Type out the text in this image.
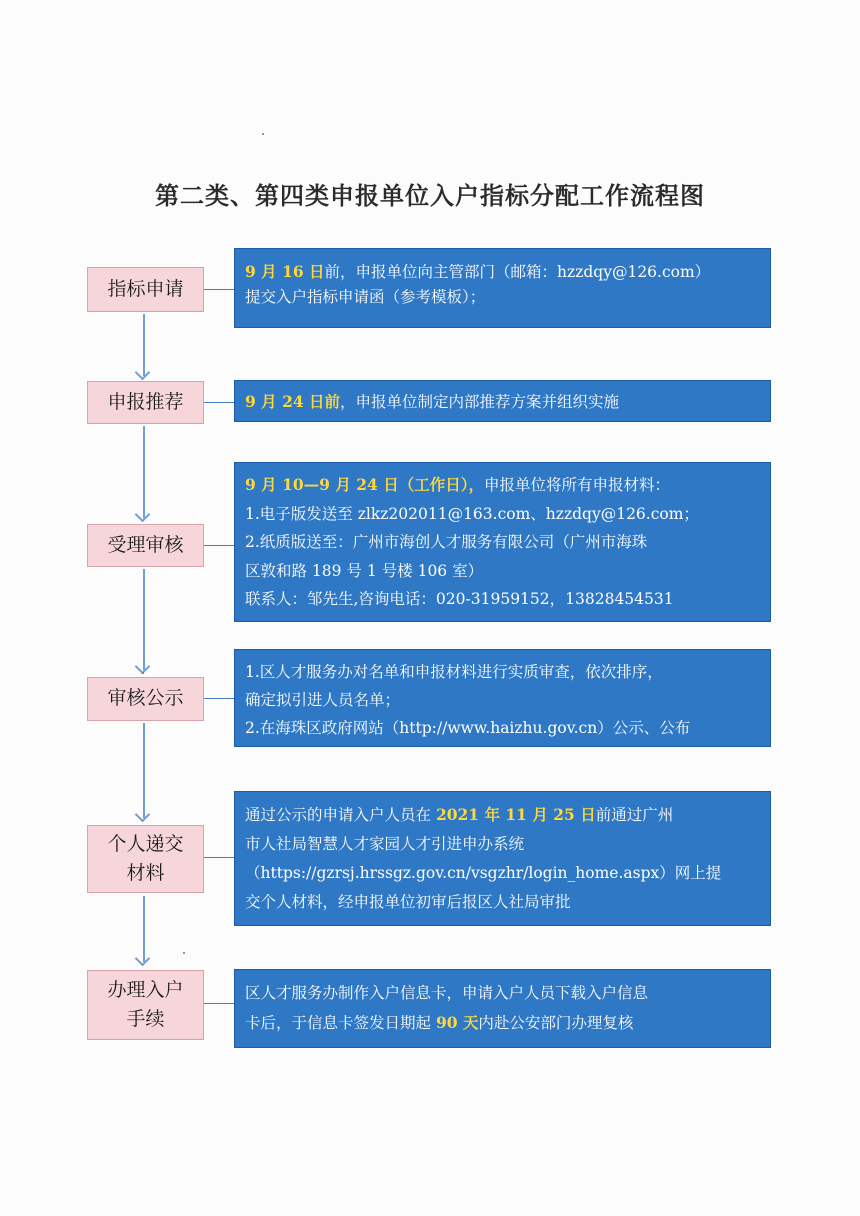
第二类、第四类申报单位入户指标分配工作流程图
指标申请
9 月 16 日前，申报单位向主管部门（邮箱：hzzdqy@126.com）
提交入户指标申请函（参考模板）；
申报推荐	9 月 24 日前，申报单位制定内部推荐方案并组织实施
受理审核
9 月 10—9 月 24 日（工作日），申报单位将所有申报材料：
1.电子版发送至 zlkz202011@163.com、hzzdqy@126.com；
2.纸质版送至：广州市海创人才服务有限公司（广州市海珠
区敦和路 189 号 1 号楼 106 室）
联系人：邹先生,咨询电话：020-31959152，13828454531
审核公示
1.区人才服务办对名单和申报材料进行实质审查，依次排序，
确定拟引进人员名单；
2.在海珠区政府网站（http://www.haizhu.gov.cn）公示、公布
个人递交
材料
通过公示的申请入户人员在 2021 年 11 月 25 日前通过广州
市人社局智慧人才家园人才引进申办系统
（https://gzrsj.hrssgz.gov.cn/vsgzhr/login_home.aspx）网上提
交个人材料，经申报单位初审后报区人社局审批
办理入户
手续
区人才服务办制作入户信息卡，申请入户人员下载入户信息
卡后，于信息卡签发日期起 90 天内赴公安部门办理复核
